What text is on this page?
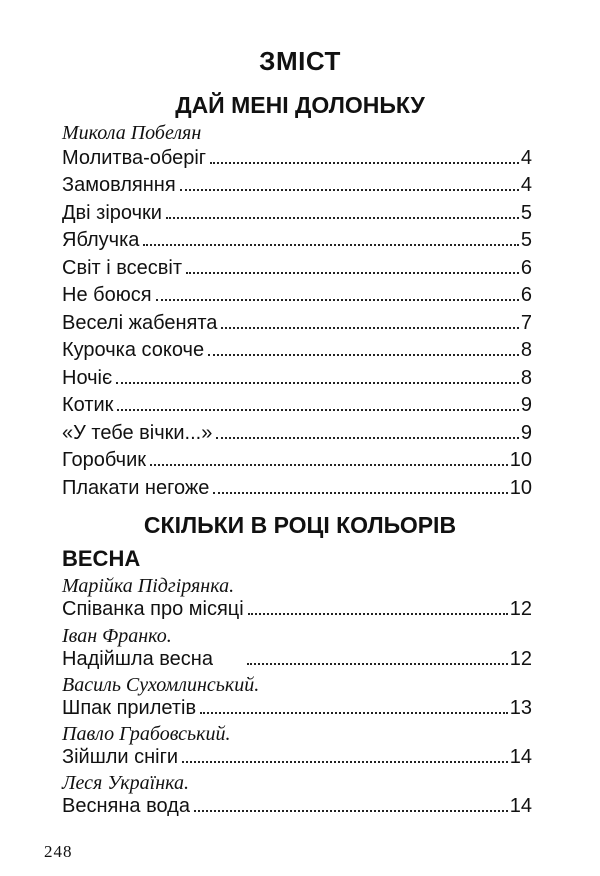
ЗМІСТ
ДАЙ МЕНІ ДОЛОНЬКУ
Микола Побелян
Молитва-оберіг	4
Замовляння	4
Дві зірочки	5
Яблучка	5
Світ і всесвіт	6
Не боюся	6
Веселі жабенята	7
Курочка сокоче	8
Ночіє	8
Котик	9
«У тебе вічки...»	9
Горобчик	10
Плакати негоже	10
СКІЛЬКИ В РОЦІ КОЛЬОРІВ
ВЕСНА
Марійка Підгірянка.
Співанка про місяці	12
Іван Франко.
Надійшла весна	12
Василь Сухомлинський.
Шпак прилетів	13
Павло Грабовський.
Зійшли сніги	14
Леся Українка.
Весняна вода	14
248
